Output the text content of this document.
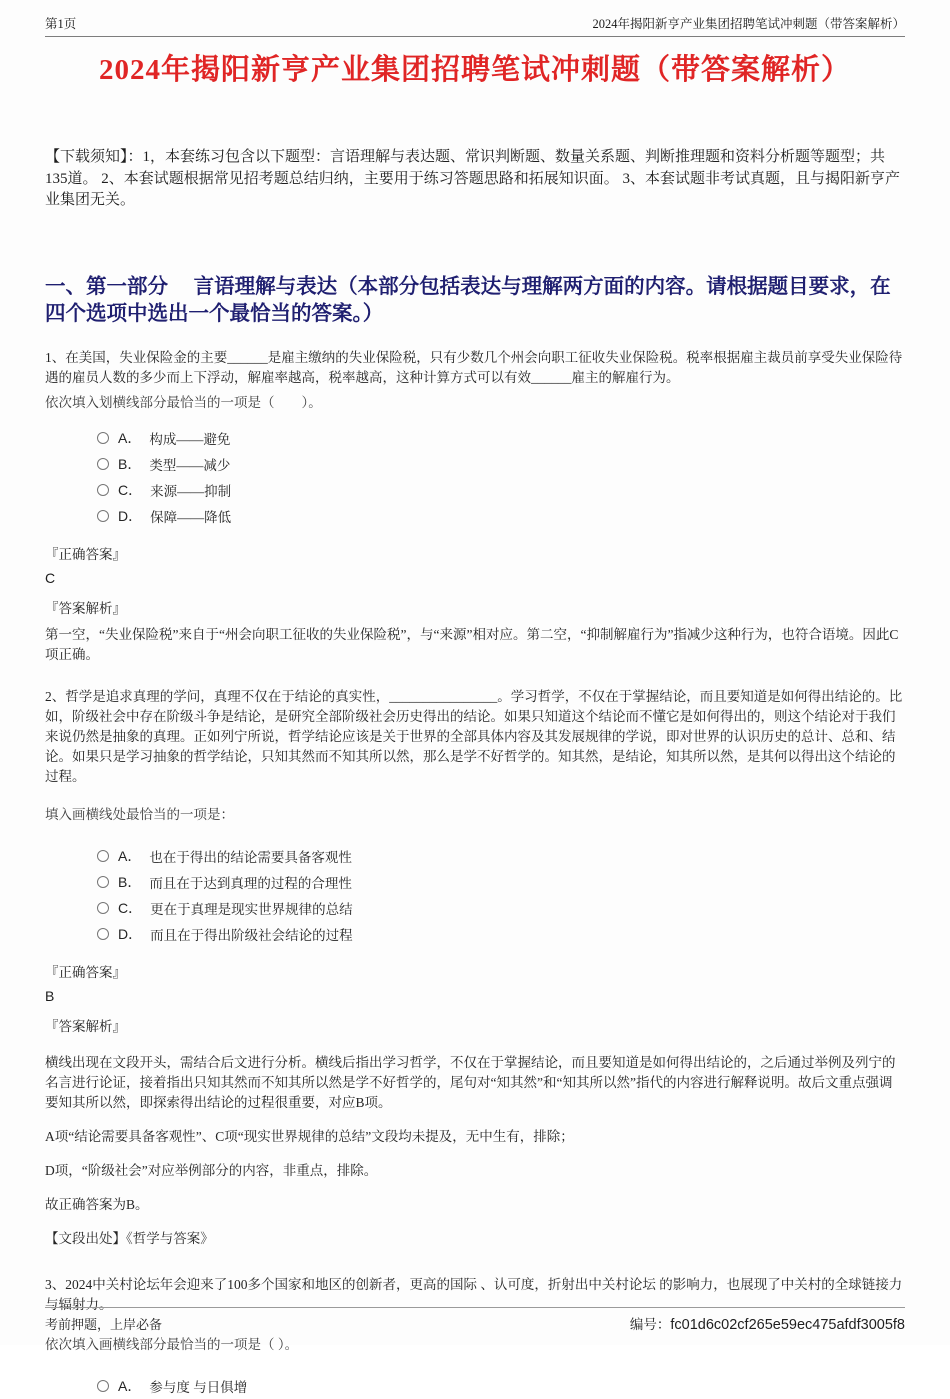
第1页	2024年揭阳新亨产业集团招聘笔试冲刺题（带答案解析）
2024年揭阳新亨产业集团招聘笔试冲刺题（带答案解析）

【下载须知】：1，本套练习包含以下题型：言语理解与表达题、常识判断题、数量关系题、判断推理题和资料分析题等题型；共135道。 2、本套试题根据常见招考题总结归纳，主要用于练习答题思路和拓展知识面。 3、本套试题非考试真题，且与揭阳新亨产业集团无关。

一、第一部分　 言语理解与表达（本部分包括表达与理解两方面的内容。请根据题目要求，在四个选项中选出一个最恰当的答案。）

1、在美国，失业保险金的主要______是雇主缴纳的失业保险税，只有少数几个州会向职工征收失业保险税。税率根据雇主裁员前享受失业保险待遇的雇员人数的多少而上下浮动，解雇率越高，税率越高，这种计算方式可以有效______雇主的解雇行为。

依次填入划横线部分最恰当的一项是（　　）。

A． 构成——避免
B． 类型——减少
C． 来源——抑制
D． 保障——降低

『正确答案』

C

『答案解析』

第一空，“失业保险税”来自于“州会向职工征收的失业保险税”，与“来源”相对应。第二空，“抑制解雇行为”指减少这种行为，也符合语境。因此C项正确。

2、哲学是追求真理的学问，真理不仅在于结论的真实性，________________。学习哲学，不仅在于掌握结论，而且要知道是如何得出结论的。比如，阶级社会中存在阶级斗争是结论，是研究全部阶级社会历史得出的结论。如果只知道这个结论而不懂它是如何得出的，则这个结论对于我们来说仍然是抽象的真理。正如列宁所说，哲学结论应该是关于世界的全部具体内容及其发展规律的学说，即对世界的认识历史的总计、总和、结论。如果只是学习抽象的哲学结论，只知其然而不知其所以然，那么是学不好哲学的。知其然，是结论，知其所以然，是其何以得出这个结论的过程。

填入画横线处最恰当的一项是：

A． 也在于得出的结论需要具备客观性
B． 而且在于达到真理的过程的合理性
C． 更在于真理是现实世界规律的总结
D． 而且在于得出阶级社会结论的过程

『正确答案』

B

『答案解析』

横线出现在文段开头，需结合后文进行分析。横线后指出学习哲学，不仅在于掌握结论，而且要知道是如何得出结论的，之后通过举例及列宁的名言进行论证，接着指出只知其然而不知其所以然是学不好哲学的，尾句对“知其然”和“知其所以然”指代的内容进行解释说明。故后文重点强调要知其所以然，即探索得出结论的过程很重要，对应B项。

A项“结论需要具备客观性”、C项“现实世界规律的总结”文段均未提及，无中生有，排除；

D项，“阶级社会”对应举例部分的内容，非重点，排除。

故正确答案为B。

【文段出处】《哲学与答案》

3、2024中关村论坛年会迎来了100多个国家和地区的创新者，更高的国际 、认可度，折射出中关村论坛 的影响力，也展现了中关村的全球链接力与辐射力。

依次填入画横线部分最恰当的一项是（ ）。

A． 参与度 与日俱增
考前押题，上岸必备	编号：fc01d6c02cf265e59ec475afdf3005f8
